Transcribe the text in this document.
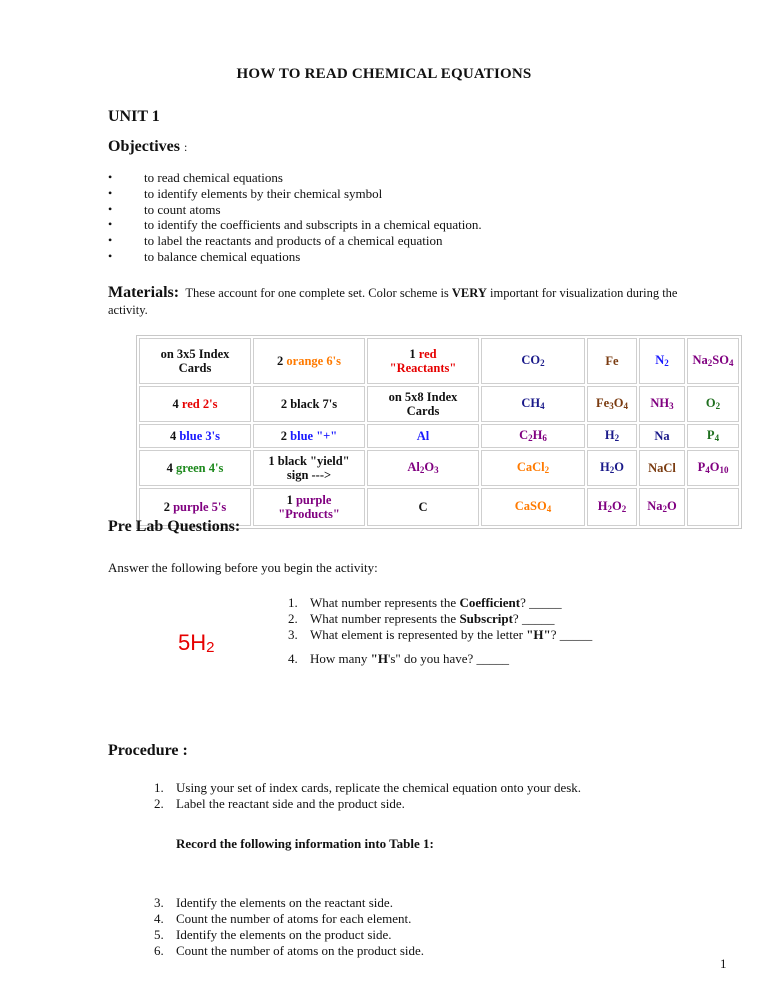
HOW TO READ CHEMICAL EQUATIONS
UNIT 1
Objectives :
• to read chemical equations
• to identify elements by their chemical symbol
• to count atoms
• to identify the coefficients and subscripts in a chemical equation.
• to label the reactants and products of a chemical equation
• to balance chemical equations
Materials: These account for one complete set. Color scheme is VERY important for visualization during the activity.
on 3x5 Index Cards	2 orange 6's	1 red
"Reactants"	$CO_2$	Fe	$N_2$	$Na_2SO_4$
4 red 2's	2 black 7's	on 5x8 Index Cards	$CH_4$	$Fe_3O_4$	$NH_3$	$O_2$
4 blue 3's	2 blue "+"	Al	$C_2H_6$	$H_2$	Na	$P_4$
4 green 4's	1 black "yield" sign --->	$Al_2O_3$	CaCl$_2$	$H_2O$	NaCl	$P_4O_{10}$
2 purple 5's	1 purple
"Products"	C	CaSO$_4$	$H_2O_2$	$Na_2O$	
Pre Lab Questions:
Answer the following before you begin the activity:
$5H_2$
1. What number represents the Coefficient? _____
2. What number represents the Subscript? _____
3. What element is represented by the letter "H"? _____
4. How many "H's" do you have? _____
Procedure :
1. Using your set of index cards, replicate the chemical equation onto your desk.
2. Label the reactant side and the product side.
Record the following information into Table 1:
3. Identify the elements on the reactant side.
4. Count the number of atoms for each element.
5. Identify the elements on the product side.
6. Count the number of atoms on the product side.
1
